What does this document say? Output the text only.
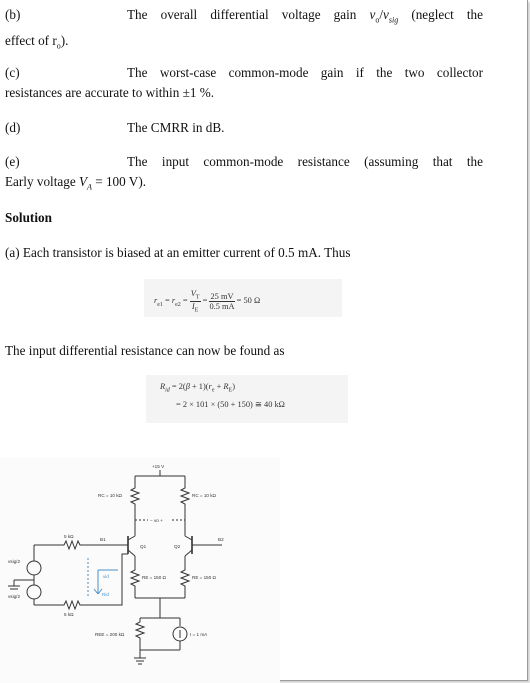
(b)	The overall differential voltage gain $v_o/v_{sig}$ (neglect the
effect of $r_o$).
(c)	The worst-case common-mode gain if the two collector
resistances are accurate to within ±1 %.
(d)	The CMRR in dB.
(e)	The input common-mode resistance (assuming that the
Early voltage $V_A = 100$ V).
Solution
(a) Each transistor is biased at an emitter current of 0.5 mA. Thus
$r_{e1} = r_{e2} = \frac{V_T}{I_E} = \frac{25 mV}{0.5 mA} = 50$ Ω
The input differential resistance can now be found as
$R_{id} = 2(\beta + 1)(r_e + R_E)$
= 2 × 101 × (50 + 150) ≅ 40 kΩ
+15 V
RC = 10 kΩ	RC = 10 kΩ
− vo +
5 kΩ
B1	B2
Q1	Q2
vsig/2
vsig/2
vid
Rid
RE = 150 Ω	RE = 150 Ω
5 kΩ
REE = 200 kΩ	I = 1 mA
